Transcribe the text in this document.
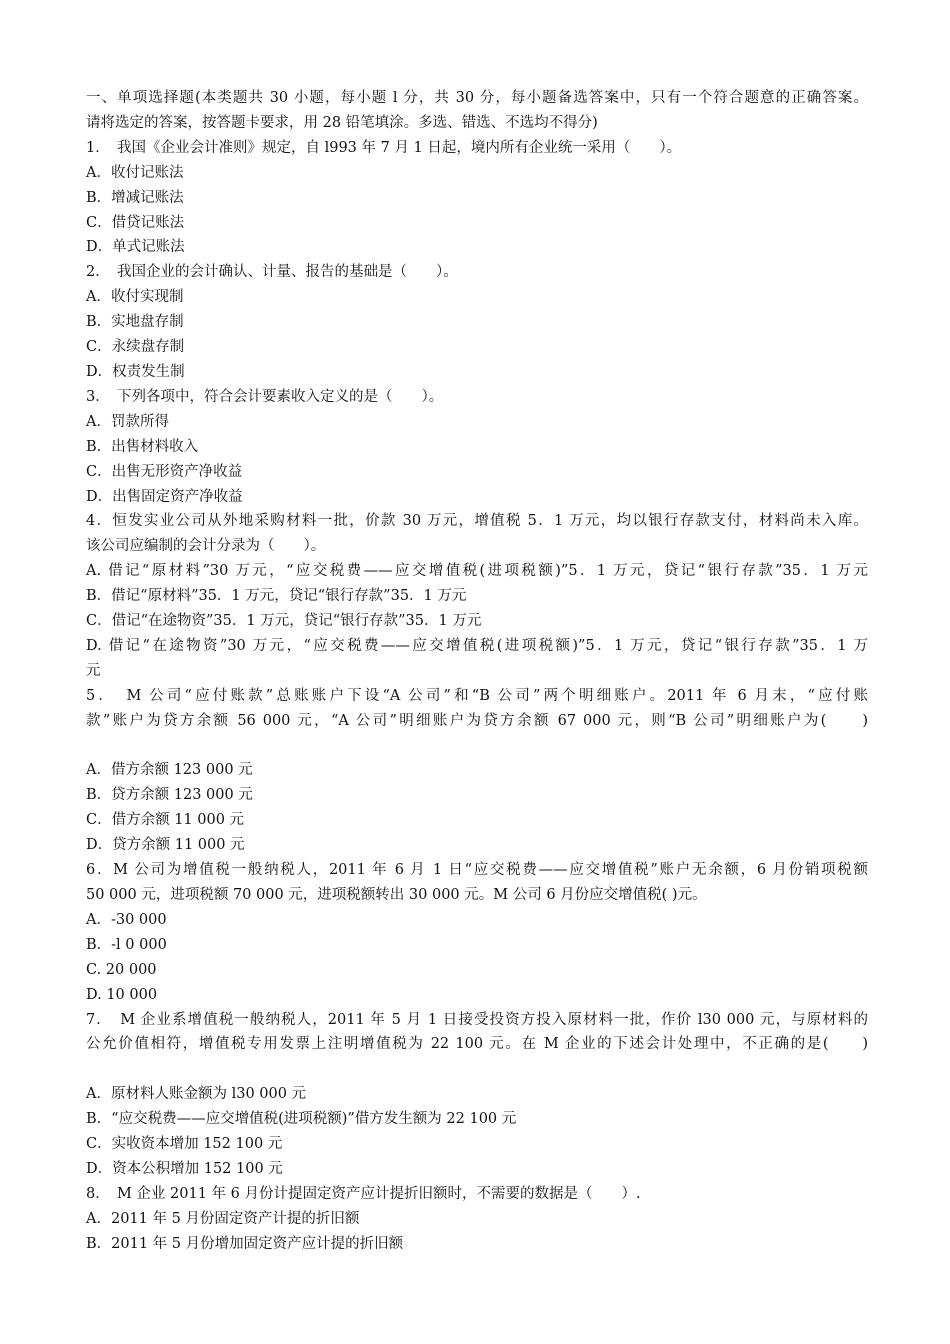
一、单项选择题(本类题共 30 小题，每小题 l 分，共 30 分，每小题备选答案中，只有一个符合题意的正确答案。
请将选定的答案，按答题卡要求，用 28 铅笔填涂。多选、错选、不选均不得分)
1．　我国《企业会计准则》规定，自 l993 年 7 月 1 日起，境内所有企业统一采用（　　）。
A．收付记账法
B．增减记账法
C．借贷记账法
D．单式记账法
2．　我国企业的会计确认、计量、报告的基础是（　　）。
A．收付实现制
B．实地盘存制
C．永续盘存制
D．权责发生制
3．　下列各项中，符合会计要素收入定义的是（　　）。
A．罚款所得
B．出售材料收入
C．出售无形资产净收益
D．出售固定资产净收益
4．恒发实业公司从外地采购材料一批，价款 30 万元，增值税 5．1 万元，均以银行存款支付，材料尚未入库。
该公司应编制的会计分录为（　　）。
A. 借记“原材料”30 万元，“应交税费——应交增值税(进项税额)”5．1 万元，贷记“银行存款”35．1 万元
B．借记“原材料”35．1 万元，贷记“银行存款”35．1 万元
C．借记“在途物资”35．1 万元，贷记“银行存款”35．1 万元
D. 借记“在途物资”30 万元，“应交税费——应交增值税(进项税额)”5．1 万元，贷记“银行存款”35．1 万
元
5．　M 公司“应付账款”总账账户下设“A 公司”和“B 公司”两个明细账户。2011 年 6 月末，“应付账
款”账户为贷方余额 56 000 元，“A 公司”明细账户为贷方余额 67 000 元，则“B 公司”明细账户为(　　)
A．借方余额 123 000 元
B．贷方余额 123 000 元
C．借方余额 11 000 元
D．贷方余额 11 000 元
6．M 公司为增值税一般纳税人，2011 年 6 月 1 日“应交税费——应交增值税”账户无余额，6 月份销项税额
50 000 元，进项税额 70 000 元，进项税额转出 30 000 元。M 公司 6 月份应交增值税( )元。
A．-30 000
B．-l 0 000
C. 20 000
D. 10 000
7．　M 企业系增值税一般纳税人，2011 年 5 月 1 日接受投资方投入原材料一批，作价 l30 000 元，与原材料的
公允价值相符，增值税专用发票上注明增值税为 22 100 元。在 M 企业的下述会计处理中，不正确的是(　　)
A．原材料人账金额为 l30 000 元
B．“应交税费——应交增值税(进项税额)”借方发生额为 22 100 元
C．实收资本增加 152 100 元
D．资本公积增加 152 100 元
8．　M 企业 2011 年 6 月份计提固定资产应计提折旧额时，不需要的数据是（　　）.
A．2011 年 5 月份固定资产计提的折旧额
B．2011 年 5 月份增加固定资产应计提的折旧额
